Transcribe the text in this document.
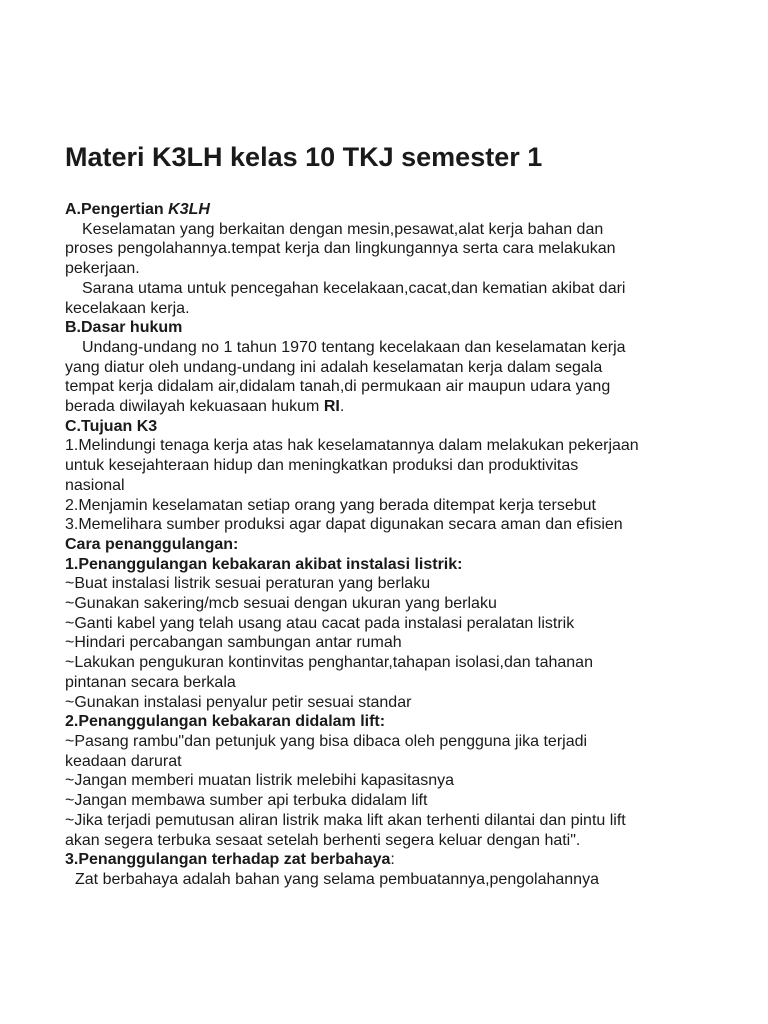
Materi K3LH kelas 10 TKJ semester 1
A.Pengertian K3LH
Keselamatan yang berkaitan dengan mesin,pesawat,alat kerja bahan dan
proses pengolahannya.tempat kerja dan lingkungannya serta cara melakukan
pekerjaan.
Sarana utama untuk pencegahan kecelakaan,cacat,dan kematian akibat dari
kecelakaan kerja.
B.Dasar hukum
Undang-undang no 1 tahun 1970 tentang kecelakaan dan keselamatan kerja
yang diatur oleh undang-undang ini adalah keselamatan kerja dalam segala
tempat kerja didalam air,didalam tanah,di permukaan air maupun udara yang
berada diwilayah kekuasaan hukum RI.
C.Tujuan K3
1.Melindungi tenaga kerja atas hak keselamatannya dalam melakukan pekerjaan
untuk kesejahteraan hidup dan meningkatkan produksi dan produktivitas
nasional
2.Menjamin keselamatan setiap orang yang berada ditempat kerja tersebut
3.Memelihara sumber produksi agar dapat digunakan secara aman dan efisien
Cara penanggulangan:
1.Penanggulangan kebakaran akibat instalasi listrik:
~Buat instalasi listrik sesuai peraturan yang berlaku
~Gunakan sakering/mcb sesuai dengan ukuran yang berlaku
~Ganti kabel yang telah usang atau cacat pada instalasi peralatan listrik
~Hindari percabangan sambungan antar rumah
~Lakukan pengukuran kontinvitas penghantar,tahapan isolasi,dan tahanan
pintanan secara berkala
~Gunakan instalasi penyalur petir sesuai standar
2.Penanggulangan kebakaran didalam lift:
~Pasang rambu"dan petunjuk yang bisa dibaca oleh pengguna jika terjadi
keadaan darurat
~Jangan memberi muatan listrik melebihi kapasitasnya
~Jangan membawa sumber api terbuka didalam lift
~Jika terjadi pemutusan aliran listrik maka lift akan terhenti dilantai dan pintu lift
akan segera terbuka sesaat setelah berhenti segera keluar dengan hati".
3.Penanggulangan terhadap zat berbahaya:
Zat berbahaya adalah bahan yang selama pembuatannya,pengolahannya
